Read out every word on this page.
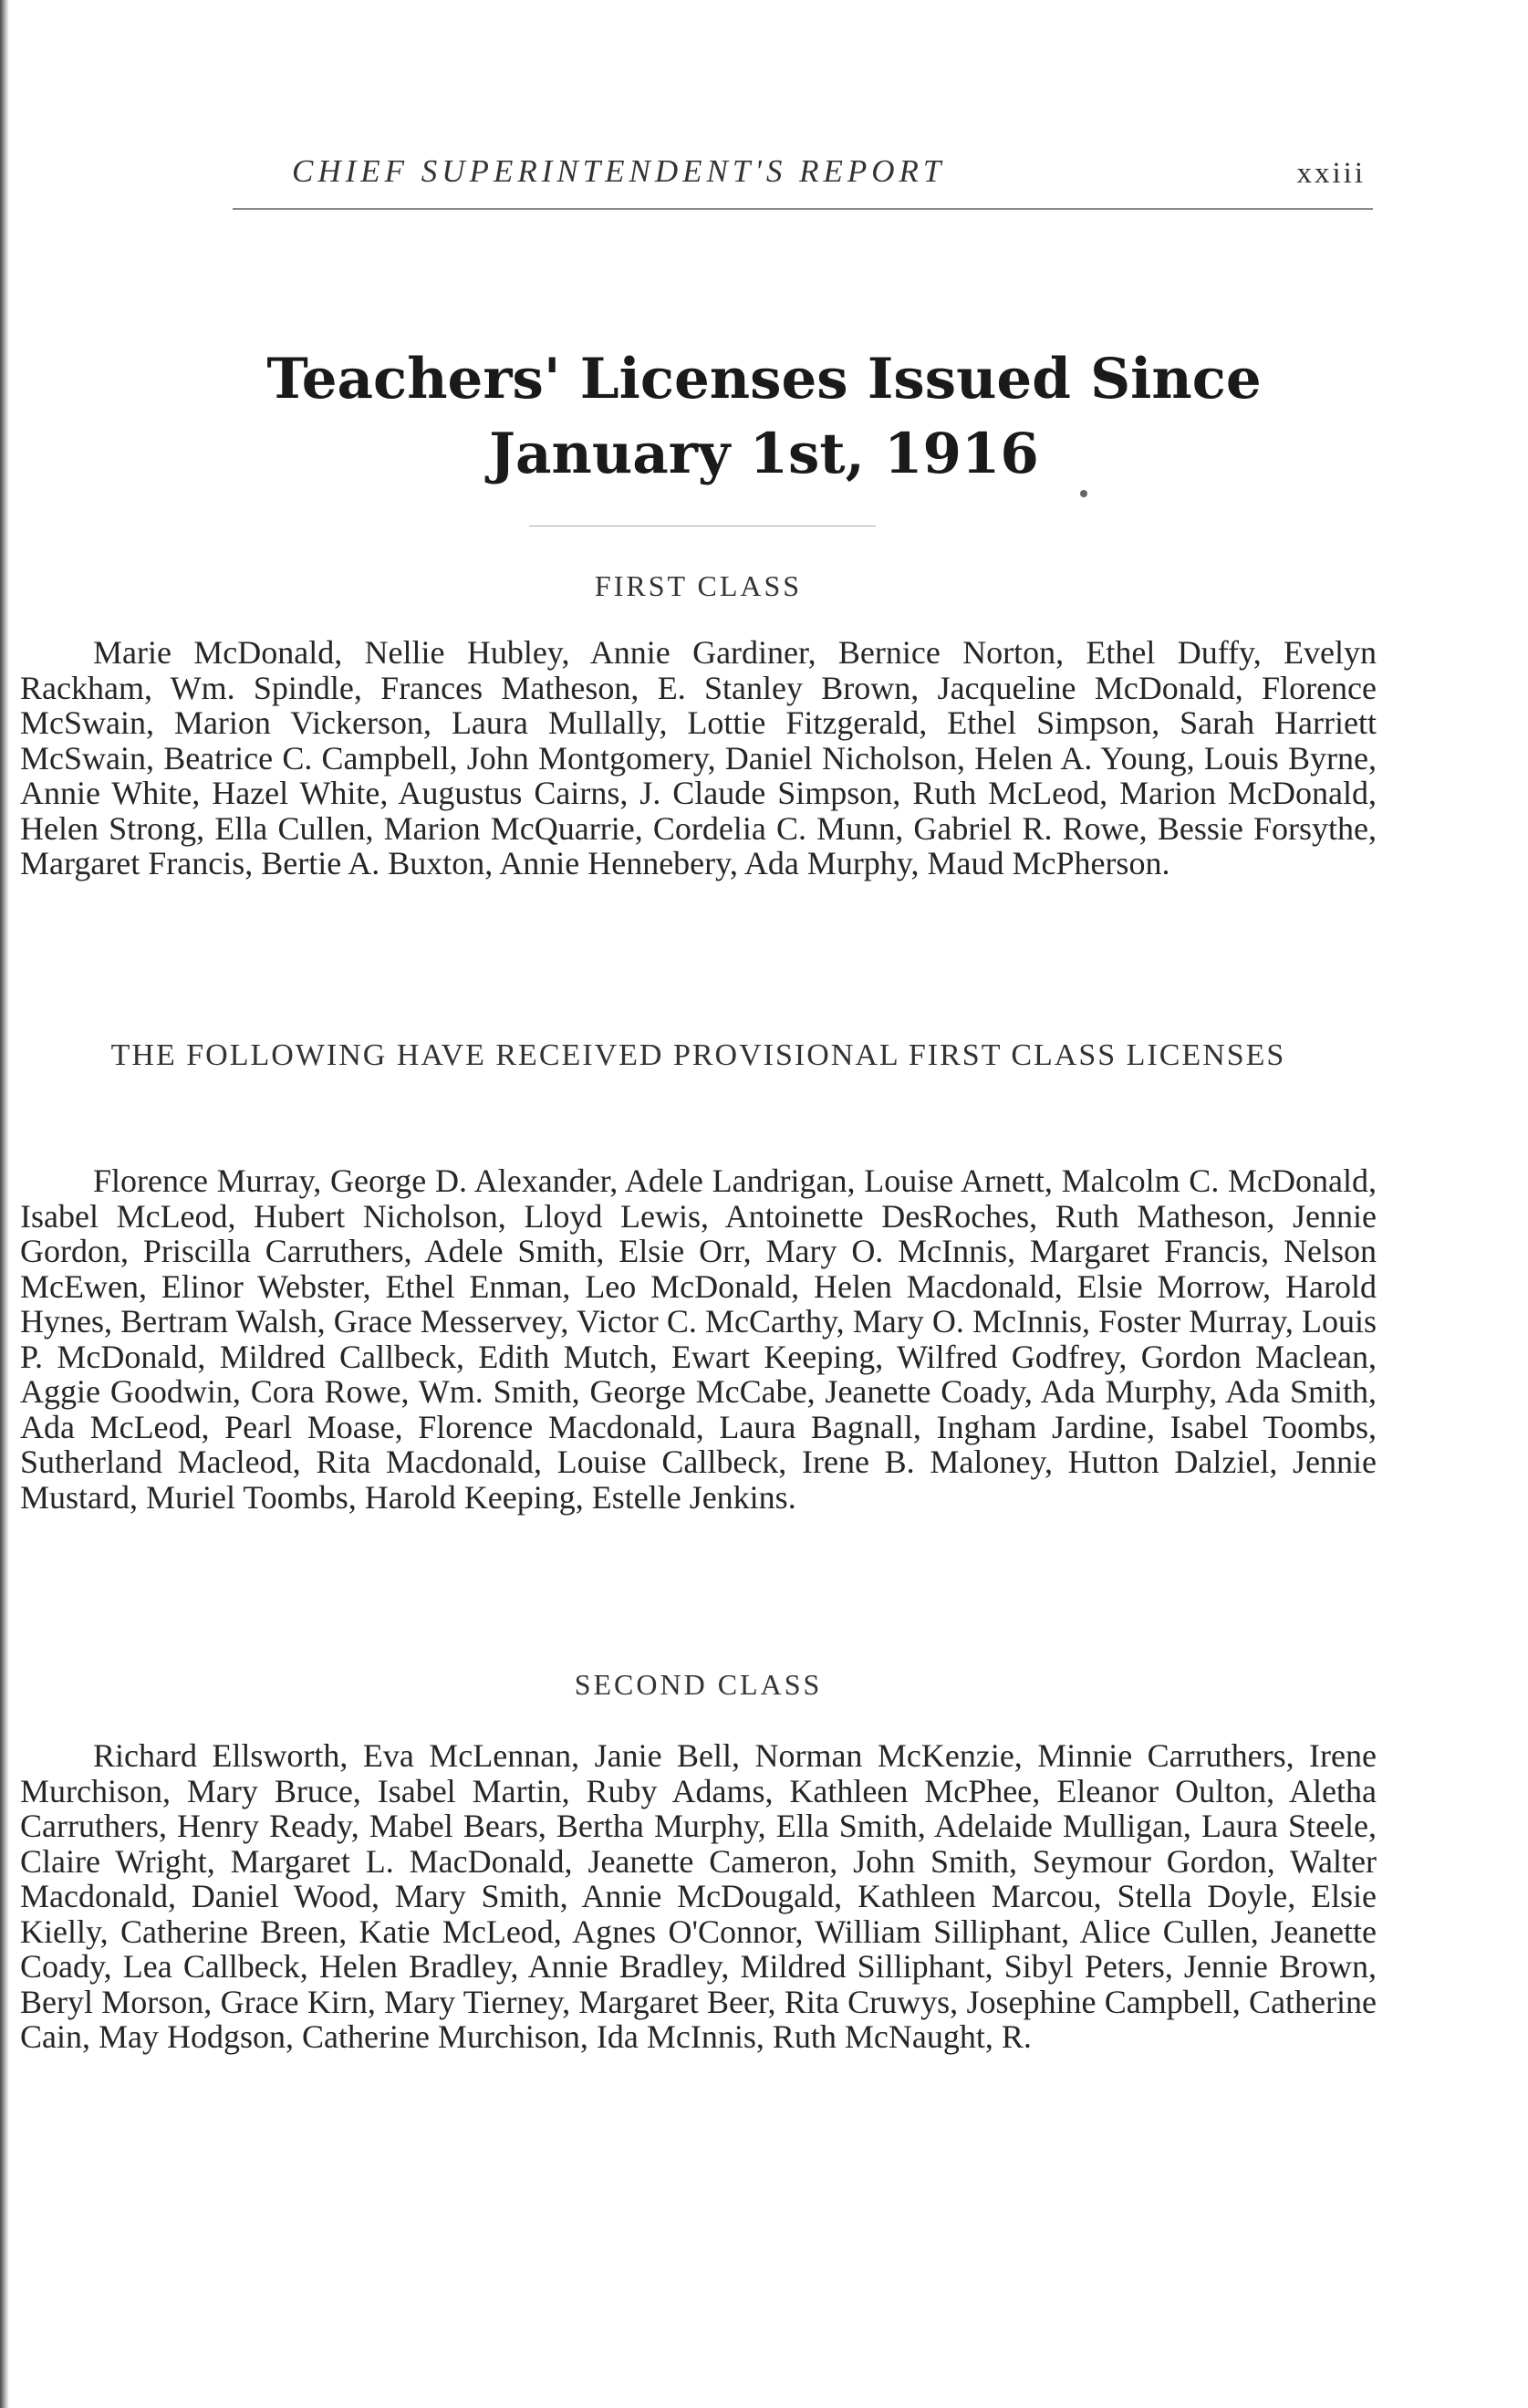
CHIEF SUPERINTENDENT'S REPORT	xxiii
Teachers' Licenses Issued Since
January 1st, 1916
FIRST CLASS

Marie McDonald, Nellie Hubley, Annie Gardiner, Bernice Norton, Ethel Duffy, Evelyn Rackham, Wm. Spindle, Frances Matheson, E. Stanley Brown, Jacqueline McDonald, Florence McSwain, Marion Vickerson, Laura Mullally, Lottie Fitzgerald, Ethel Simpson, Sarah Harriett McSwain, Beatrice C. Campbell, John Montgomery, Daniel Nicholson, Helen A. Young, Louis Byrne, Annie White, Hazel White, Augustus Cairns, J. Claude Simpson, Ruth McLeod, Marion McDonald, Helen Strong, Ella Cullen, Marion McQuarrie, Cordelia C. Munn, Gabriel R. Rowe, Bessie Forsythe, Margaret Francis, Bertie A. Buxton, Annie Hennebery, Ada Murphy, Maud McPherson.

THE FOLLOWING HAVE RECEIVED PROVISIONAL FIRST CLASS LICENSES

Florence Murray, George D. Alexander, Adele Landrigan, Louise Arnett, Malcolm C. McDonald, Isabel McLeod, Hubert Nicholson, Lloyd Lewis, Antoinette DesRoches, Ruth Matheson, Jennie Gordon, Priscilla Carruthers, Adele Smith, Elsie Orr, Mary O. McInnis, Margaret Francis, Nelson McEwen, Elinor Webster, Ethel Enman, Leo McDonald, Helen Macdonald, Elsie Morrow, Harold Hynes, Bertram Walsh, Grace Messervey, Victor C. McCarthy, Mary O. McInnis, Foster Murray, Louis P. McDonald, Mildred Callbeck, Edith Mutch, Ewart Keeping, Wilfred Godfrey, Gordon Maclean, Aggie Goodwin, Cora Rowe, Wm. Smith, George McCabe, Jeanette Coady, Ada Murphy, Ada Smith, Ada McLeod, Pearl Moase, Florence Macdonald, Laura Bagnall, Ingham Jardine, Isabel Toombs, Sutherland Macleod, Rita Macdonald, Louise Callbeck, Irene B. Maloney, Hutton Dalziel, Jennie Mustard, Muriel Toombs, Harold Keeping, Estelle Jenkins.

SECOND CLASS

Richard Ellsworth, Eva McLennan, Janie Bell, Norman McKenzie, Minnie Carruthers, Irene Murchison, Mary Bruce, Isabel Martin, Ruby Adams, Kathleen McPhee, Eleanor Oulton, Aletha Carruthers, Henry Ready, Mabel Bears, Bertha Murphy, Ella Smith, Adelaide Mulligan, Laura Steele, Claire Wright, Margaret L. MacDonald, Jeanette Cameron, John Smith, Seymour Gordon, Walter Macdonald, Daniel Wood, Mary Smith, Annie McDougald, Kathleen Marcou, Stella Doyle, Elsie Kielly, Catherine Breen, Katie McLeod, Agnes O'Connor, William Silliphant, Alice Cullen, Jeanette Coady, Lea Callbeck, Helen Bradley, Annie Bradley, Mildred Silliphant, Sibyl Peters, Jennie Brown, Beryl Morson, Grace Kirn, Mary Tierney, Margaret Beer, Rita Cruwys, Josephine Campbell, Catherine Cain, May Hodgson, Catherine Murchison, Ida McInnis, Ruth McNaught, R.
